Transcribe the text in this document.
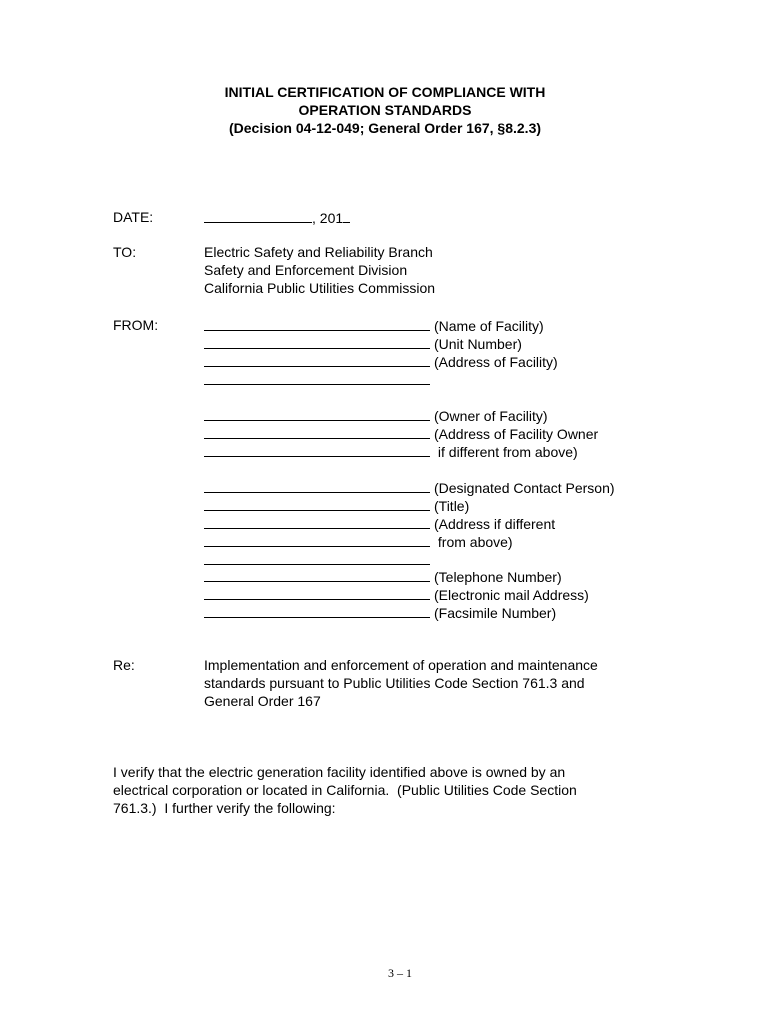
INITIAL CERTIFICATION OF COMPLIANCE WITH
OPERATION STANDARDS
(Decision 04-12-049; General Order 167, §8.2.3)
DATE:	, 201
TO:	Electric Safety and Reliability Branch
Safety and Enforcement Division
California Public Utilities Commission
FROM:	(Name of Facility)
(Unit Number)
(Address of Facility)
(Owner of Facility)
(Address of Facility Owner
if different from above)
(Designated Contact Person)
(Title)
(Address if different
from above)
(Telephone Number)
(Electronic mail Address)
(Facsimile Number)
Re:	Implementation and enforcement of operation and maintenance
standards pursuant to Public Utilities Code Section 761.3 and
General Order 167
I verify that the electric generation facility identified above is owned by an
electrical corporation or located in California.  (Public Utilities Code Section
761.3.)  I further verify the following:
3 – 1
